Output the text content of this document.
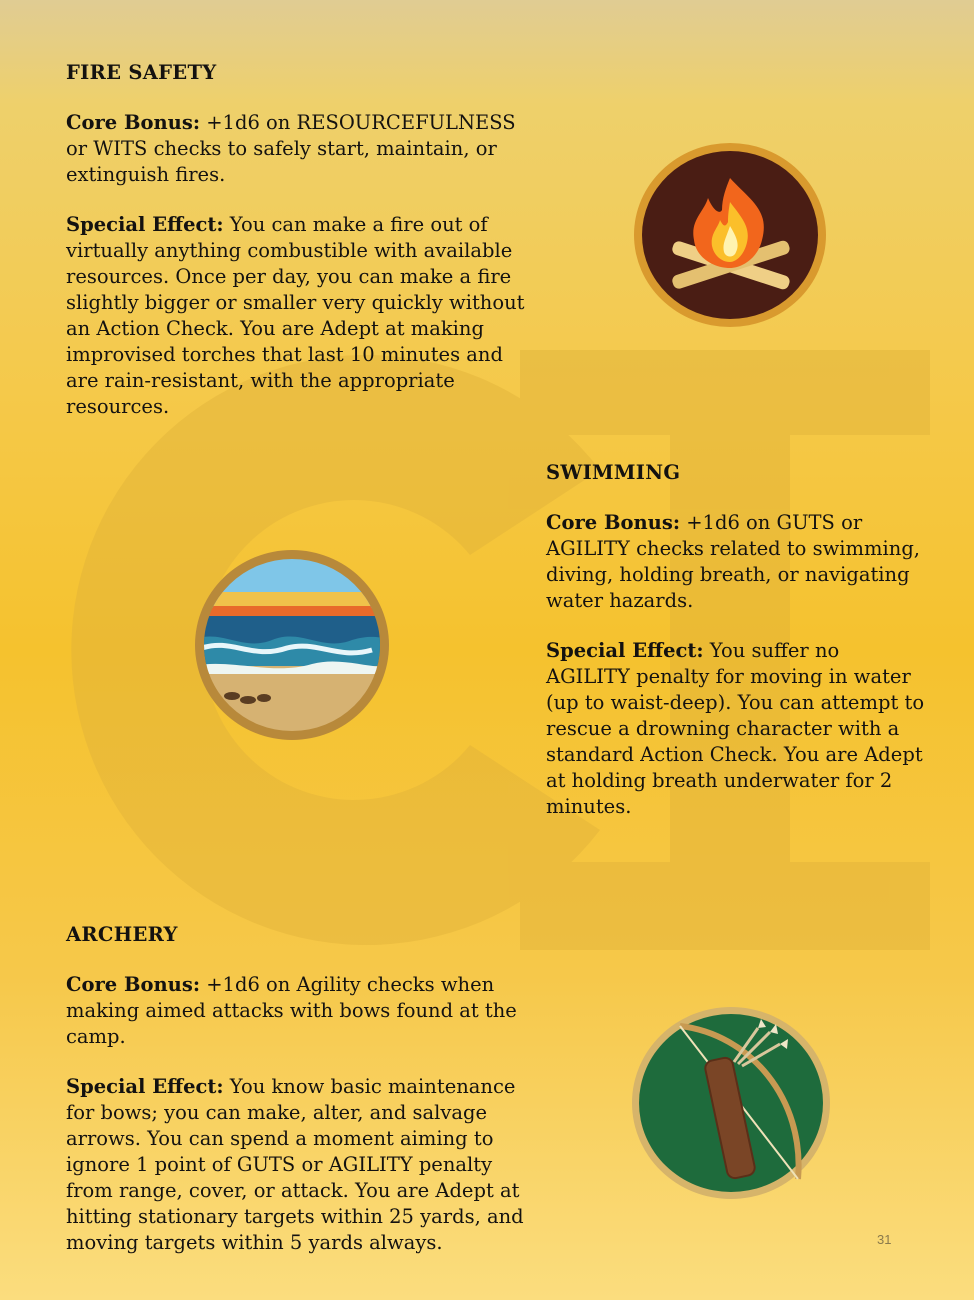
FIRE SAFETY

Core Bonus: +1d6 on RESOURCEFULNESS or WITS checks to safely start, maintain, or extinguish fires.

Special Effect: You can make a fire out of virtually anything combustible with available resources. Once per day, you can make a fire slightly bigger or smaller very quickly without an Action Check. You are Adept at making improvised torches that last 10 minutes and are rain-resistant, with the appropriate resources.

SWIMMING

Core Bonus: +1d6 on GUTS or AGILITY checks related to swimming, diving, holding breath, or navigating water hazards.

Special Effect: You suffer no AGILITY penalty for moving in water (up to waist-deep). You can attempt to rescue a drowning character with a standard Action Check. You are Adept at holding breath underwater for 2 minutes.

ARCHERY

Core Bonus: +1d6 on Agility checks when making aimed attacks with bows found at the camp.

Special Effect: You know basic maintenance for bows; you can make, alter, and salvage arrows. You can spend a moment aiming to ignore 1 point of GUTS or AGILITY penalty from range, cover, or attack. You are Adept at hitting stationary targets within 25 yards, and moving targets within 5 yards always.	31
